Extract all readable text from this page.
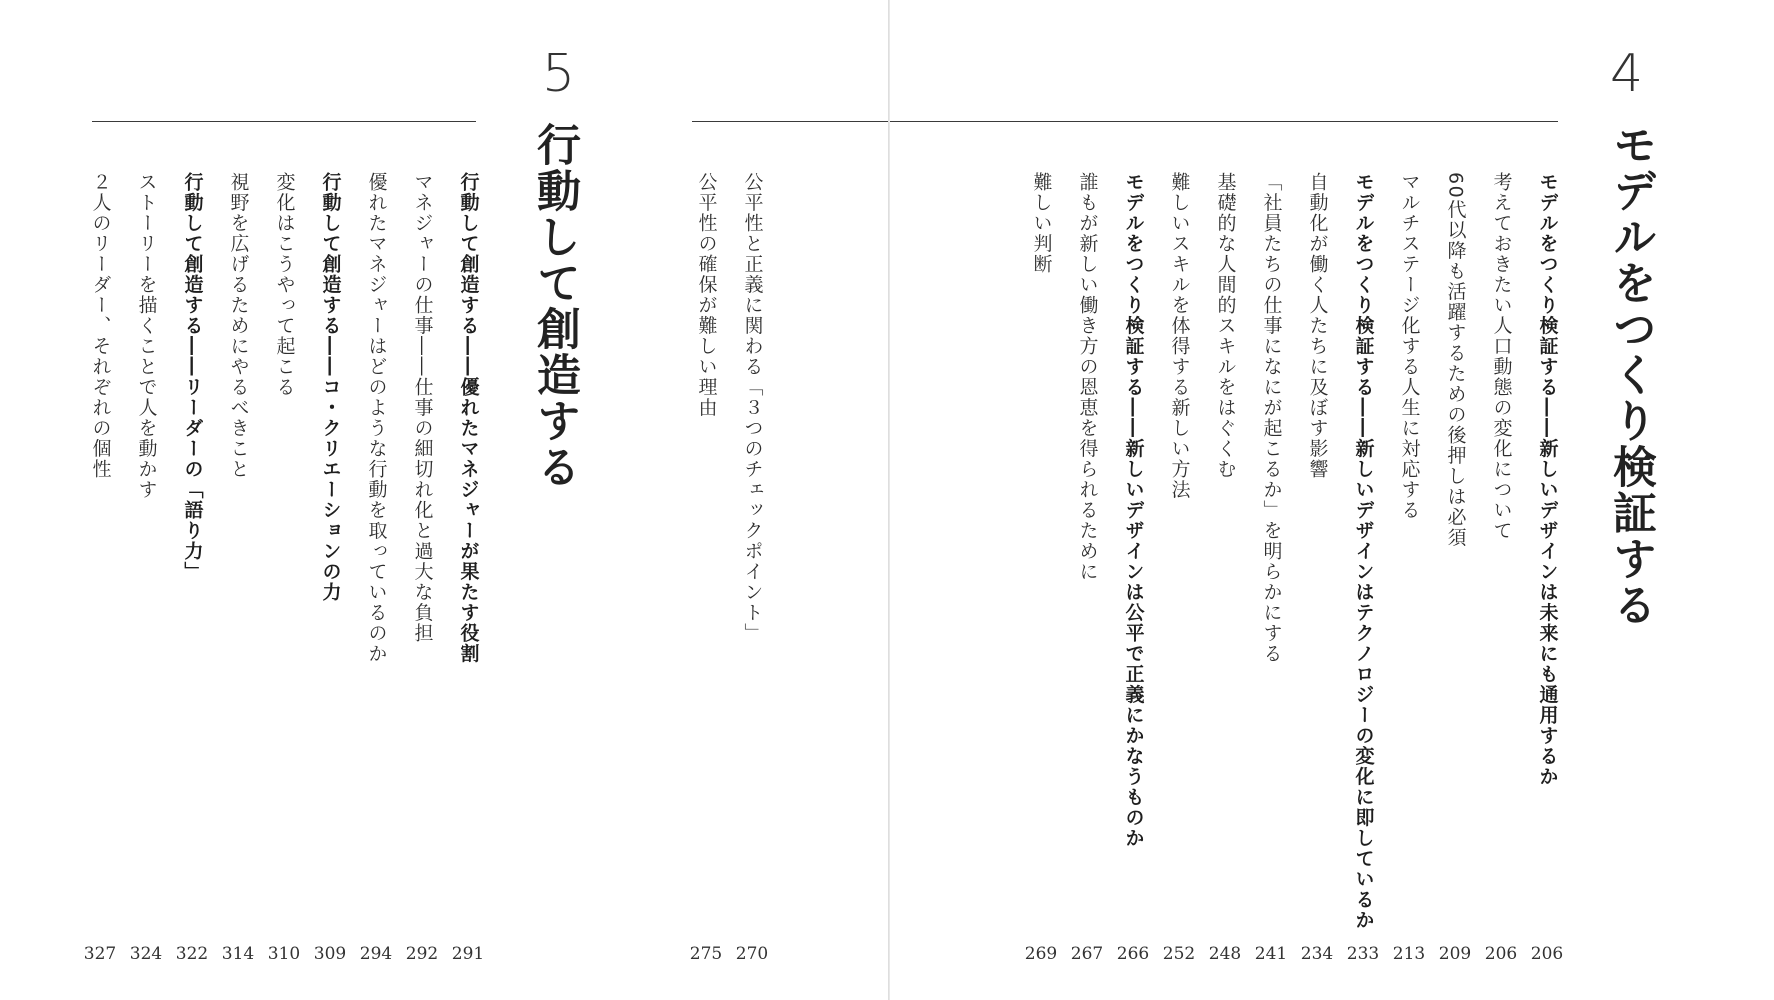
5
行動して創造する
行動して創造する――優れたマネジャーが果たす役割
291
マネジャーの仕事――仕事の細切れ化と過大な負担
292
優れたマネジャーはどのような行動を取っているのか
294
行動して創造する――コ・クリエーションの力
309
変化はこうやって起こる
310
視野を広げるためにやるべきこと
314
行動して創造する――リーダーの「語り力」
322
ストーリーを描くことで人を動かす
324
２人のリーダー、それぞれの個性
327
公平性と正義に関わる「３つのチェックポイント」
270
公平性の確保が難しい理由
275
4
モデルをつくり検証する
モデルをつくり検証する――新しいデザインは未来にも通用するか
206
考えておきたい人口動態の変化について
206
60代以降も活躍するための後押しは必須
209
マルチステージ化する人生に対応する
213
モデルをつくり検証する――新しいデザインはテクノロジーの変化に即しているか
233
自動化が働く人たちに及ぼす影響
234
「社員たちの仕事になにが起こるか」を明らかにする
241
基礎的な人間的スキルをはぐくむ
248
難しいスキルを体得する新しい方法
252
モデルをつくり検証する――新しいデザインは公平で正義にかなうものか
266
誰もが新しい働き方の恩恵を得られるために
267
難しい判断
269
